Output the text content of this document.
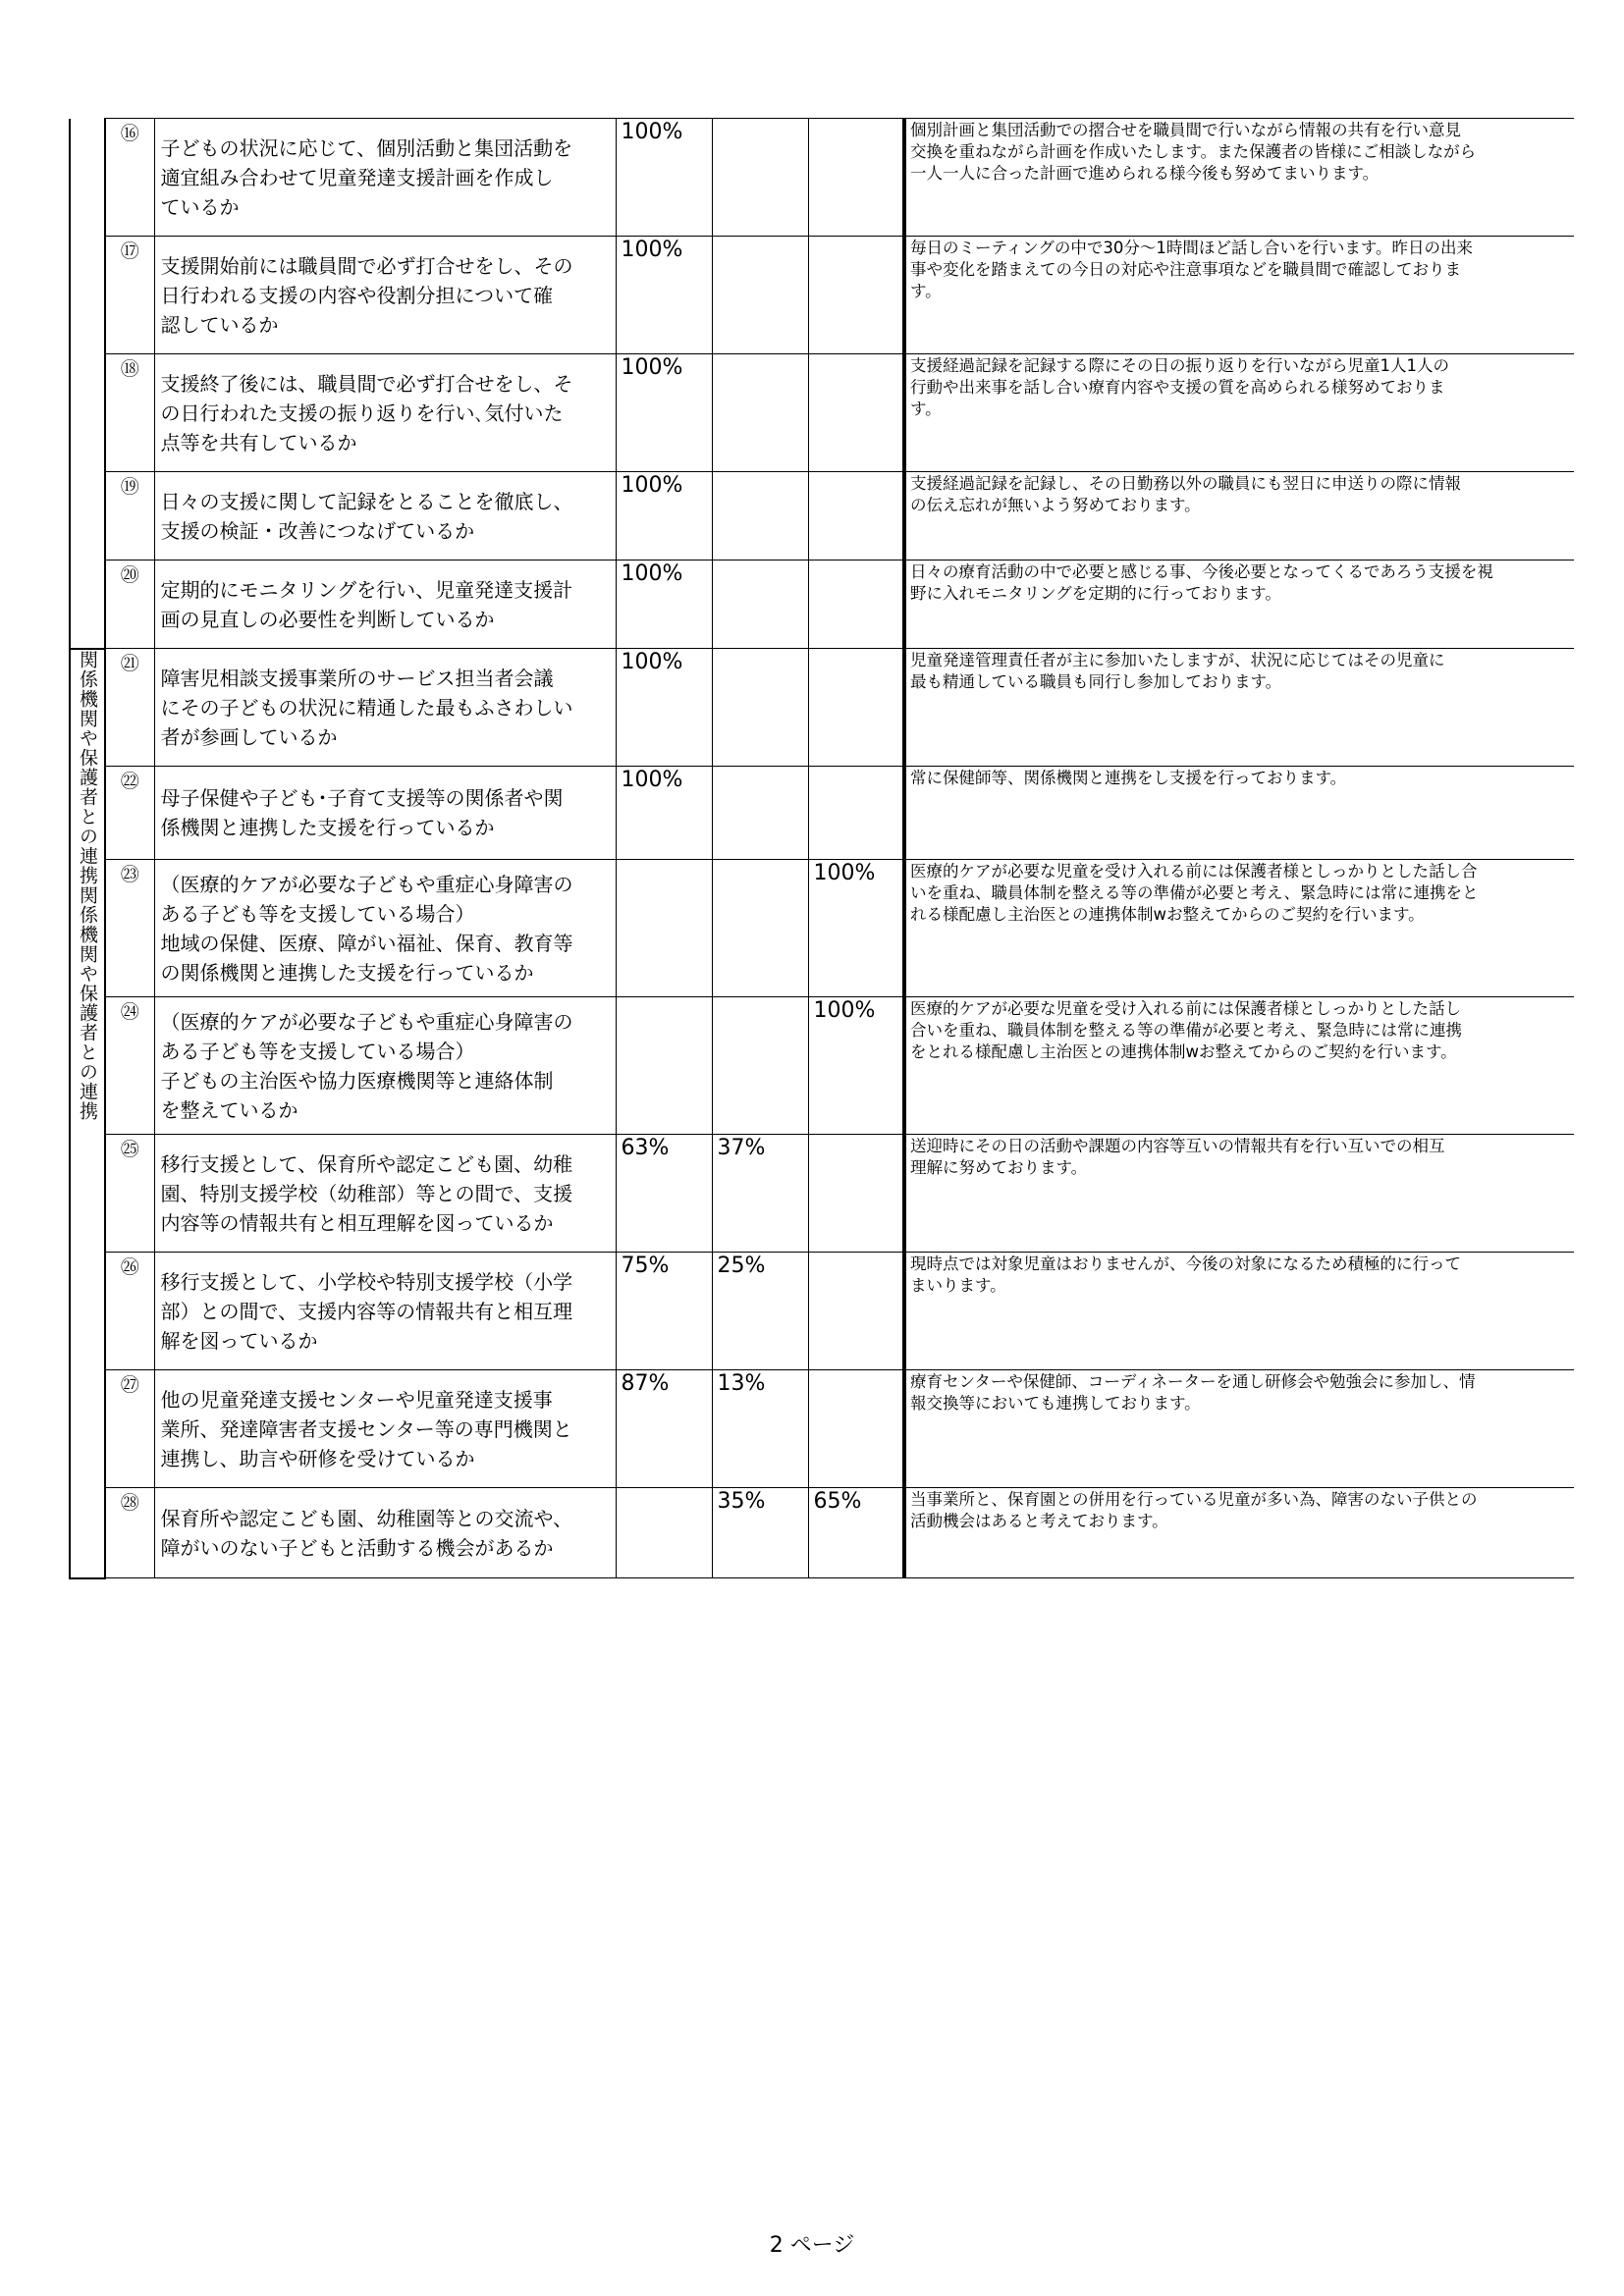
	⑯	子どもの状況に応じて、個別活動と集団活動を
適宜組み合わせて児童発達支援計画を作成し
ているか	100%			個別計画と集団活動での摺合せを職員間で行いながら情報の共有を行い意見
交換を重ねながら計画を作成いたします。また保護者の皆様にご相談しながら
一人一人に合った計画で進められる様今後も努めてまいります。
	⑰	支援開始前には職員間で必ず打合せをし、その
日行われる支援の内容や役割分担について確
認しているか	100%			毎日のミーティングの中で30分～1時間ほど話し合いを行います。昨日の出来
事や変化を踏まえての今日の対応や注意事項などを職員間で確認しておりま
す。
	⑱	支援終了後には、職員間で必ず打合せをし、そ
の日行われた支援の振り返りを行い､気付いた
点等を共有しているか	100%			支援経過記録を記録する際にその日の振り返りを行いながら児童1人1人の
行動や出来事を話し合い療育内容や支援の質を高められる様努めておりま
す。
	⑲	日々の支援に関して記録をとることを徹底し、
支援の検証・改善につなげているか	100%			支援経過記録を記録し、その日勤務以外の職員にも翌日に申送りの際に情報
の伝え忘れが無いよう努めております。
	⑳	定期的にモニタリングを行い、児童発達支援計
画の見直しの必要性を判断しているか	100%			日々の療育活動の中で必要と感じる事、今後必要となってくるであろう支援を視
野に入れモニタリングを定期的に行っております。
関係機関や保護者との連携関係機関や保護者との連携	㉑	障害児相談支援事業所のサービス担当者会議
にその子どもの状況に精通した最もふさわしい
者が参画しているか	100%			児童発達管理責任者が主に参加いたしますが、状況に応じてはその児童に
最も精通している職員も同行し参加しております。
	㉒	母子保健や子ども･子育て支援等の関係者や関
係機関と連携した支援を行っているか	100%			常に保健師等、関係機関と連携をし支援を行っております。
	㉓	（医療的ケアが必要な子どもや重症心身障害の
ある子ども等を支援している場合）
地域の保健、医療、障がい福祉、保育、教育等
の関係機関と連携した支援を行っているか			100%	医療的ケアが必要な児童を受け入れる前には保護者様としっかりとした話し合
いを重ね、職員体制を整える等の準備が必要と考え、緊急時には常に連携をと
れる様配慮し主治医との連携体制wお整えてからのご契約を行います。
	㉔	（医療的ケアが必要な子どもや重症心身障害の
ある子ども等を支援している場合）
子どもの主治医や協力医療機関等と連絡体制
を整えているか			100%	医療的ケアが必要な児童を受け入れる前には保護者様としっかりとした話し
合いを重ね、職員体制を整える等の準備が必要と考え、緊急時には常に連携
をとれる様配慮し主治医との連携体制wお整えてからのご契約を行います。
	㉕	移行支援として、保育所や認定こども園、幼稚
園、特別支援学校（幼稚部）等との間で、支援
内容等の情報共有と相互理解を図っているか	63%	37%		送迎時にその日の活動や課題の内容等互いの情報共有を行い互いでの相互
理解に努めております。
	㉖	移行支援として、小学校や特別支援学校（小学
部）との間で、支援内容等の情報共有と相互理
解を図っているか	75%	25%		現時点では対象児童はおりませんが、今後の対象になるため積極的に行って
まいります。
	㉗	他の児童発達支援センターや児童発達支援事
業所、発達障害者支援センター等の専門機関と
連携し、助言や研修を受けているか	87%	13%		療育センターや保健師、コーディネーターを通し研修会や勉強会に参加し、情
報交換等においても連携しております。
	㉘	保育所や認定こども園、幼稚園等との交流や、
障がいのない子どもと活動する機会があるか		35%	65%	当事業所と、保育園との併用を行っている児童が多い為、障害のない子供との
活動機会はあると考えております。
2 ページ
